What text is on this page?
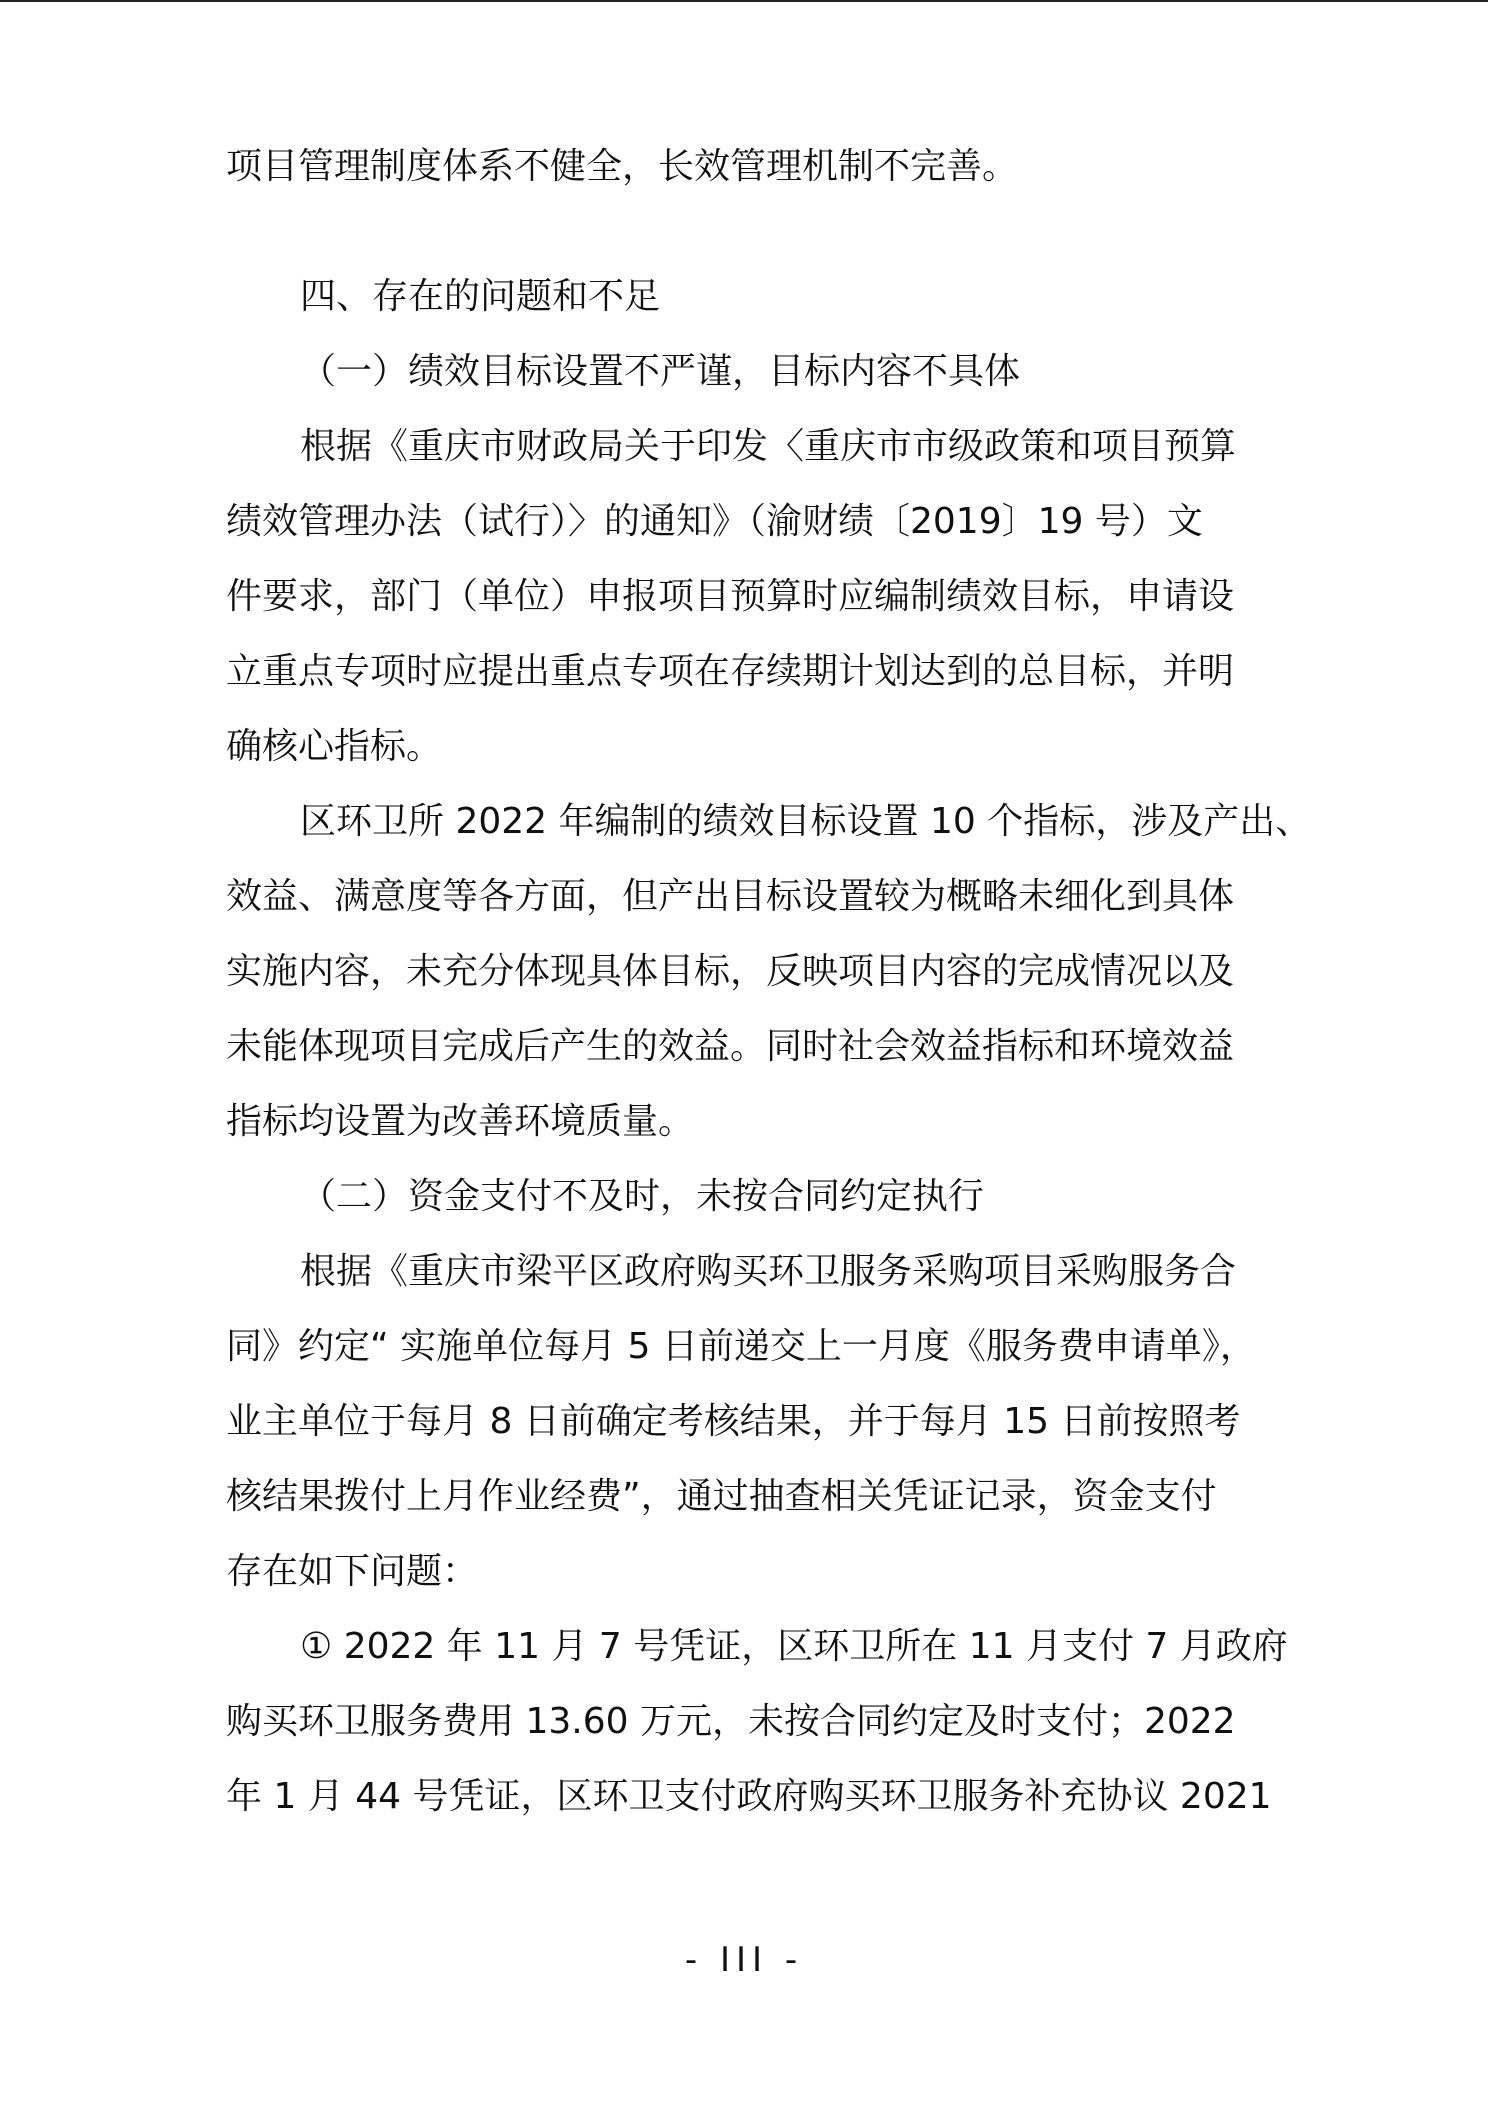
项目管理制度体系不健全，长效管理机制不完善。
四、存在的问题和不足
（一）绩效目标设置不严谨，目标内容不具体
根据《重庆市财政局关于印发〈重庆市市级政策和项目预算
绩效管理办法（试行）〉的通知》（渝财绩〔2019〕19 号）文
件要求，部门（单位）申报项目预算时应编制绩效目标，申请设
立重点专项时应提出重点专项在存续期计划达到的总目标，并明
确核心指标。
区环卫所 2022 年编制的绩效目标设置 10 个指标，涉及产出、
效益、满意度等各方面，但产出目标设置较为概略未细化到具体
实施内容，未充分体现具体目标，反映项目内容的完成情况以及
未能体现项目完成后产生的效益。同时社会效益指标和环境效益
指标均设置为改善环境质量。
（二）资金支付不及时，未按合同约定执行
根据《重庆市梁平区政府购买环卫服务采购项目采购服务合
同》约定“ 实施单位每月 5 日前递交上一月度《服务费申请单》，
业主单位于每月 8 日前确定考核结果，并于每月 15 日前按照考
核结果拨付上月作业经费”，通过抽查相关凭证记录，资金支付
存在如下问题：
① 2022 年 11 月 7 号凭证，区环卫所在 11 月支付 7 月政府
购买环卫服务费用 13.60 万元，未按合同约定及时支付；2022
年 1 月 44 号凭证，区环卫支付政府购买环卫服务补充协议 2021
- III -
